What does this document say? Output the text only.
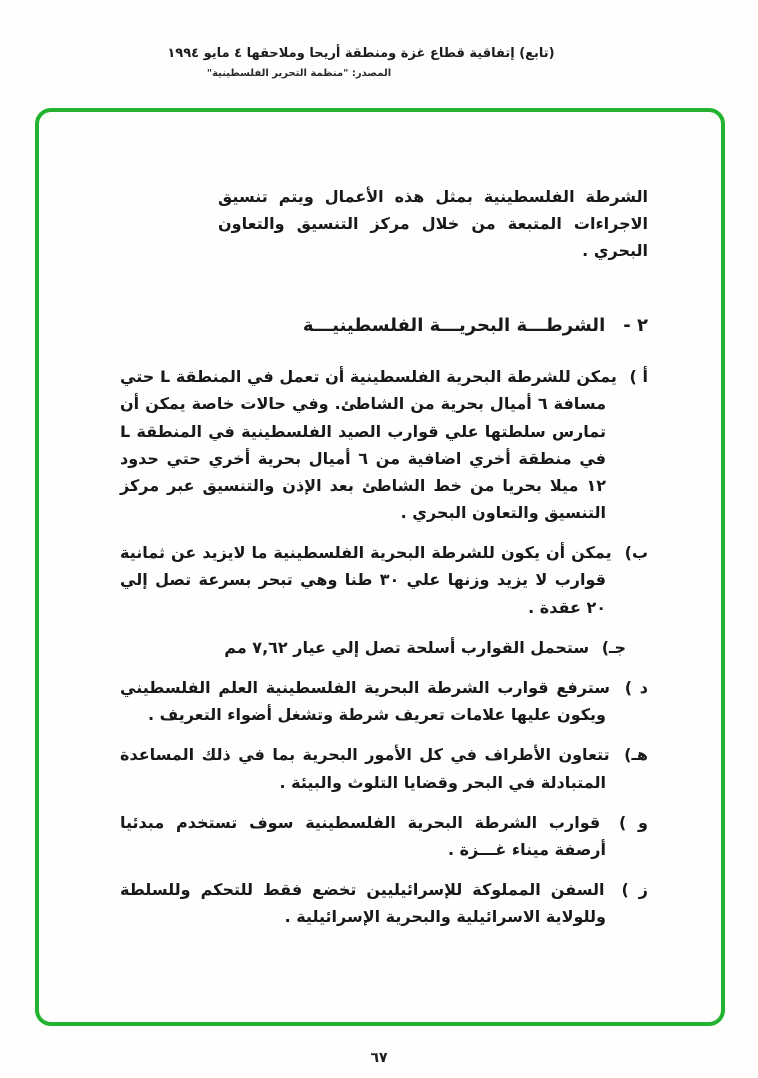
(تابع) إتفاقية قطاع غزة ومنطقة أريحا وملاحقها ٤ مايو ١٩٩٤
المصدر: "منظمة التحرير الفلسطينية"

الشرطة الفلسطينية بمثل هذه الأعمال ويتم تنسيق الاجراءات المتبعة من خلال مركز التنسيق والتعاون البحري .

٢ -الشرطـــة البحريـــة الفلسطينيـــة
أ ) يمكن للشرطة البحرية الفلسطينية أن تعمل في المنطقة L حتي مسافة ٦ أميال بحرية من الشاطئ. وفي حالات خاصة يمكن أن تمارس سلطتها علي قوارب الصيد الفلسطينية في المنطقة L في منطقة أخري اضافية من ٦ أميال بحرية أخري حتي حدود ١٢ ميلا بحريا من خط الشاطئ بعد الإذن والتنسيق عبر مركز التنسيق والتعاون البحري .
ب) يمكن أن يكون للشرطة البحرية الفلسطينية ما لايزيد عن ثمانية قوارب لا يزيد وزنها علي ٣٠ طنا وهي تبحر بسرعة تصل إلي ٢٠ عقدة .
جـ) ستحمل القوارب أسلحة تصل إلي عيار ٧,٦٢ مم
د ) سترفع قوارب الشرطة البحرية الفلسطينية العلم الفلسطيني ويكون عليها علامات تعريف شرطة وتشغل أضواء التعريف .
هـ) تتعاون الأطراف في كل الأمور البحرية بما في ذلك المساعدة المتبادلة في البحر وقضايا التلوث والبيئة .
و ) قوارب الشرطة البحرية الفلسطينية سوف تستخدم مبدئيا أرصفة ميناء غـــزة .
ز ) السفن المملوكة للإسرائيليين تخضع فقط للتحكم وللسلطة وللولاية الاسرائيلية والبحرية الإسرائيلية .
٦٧
